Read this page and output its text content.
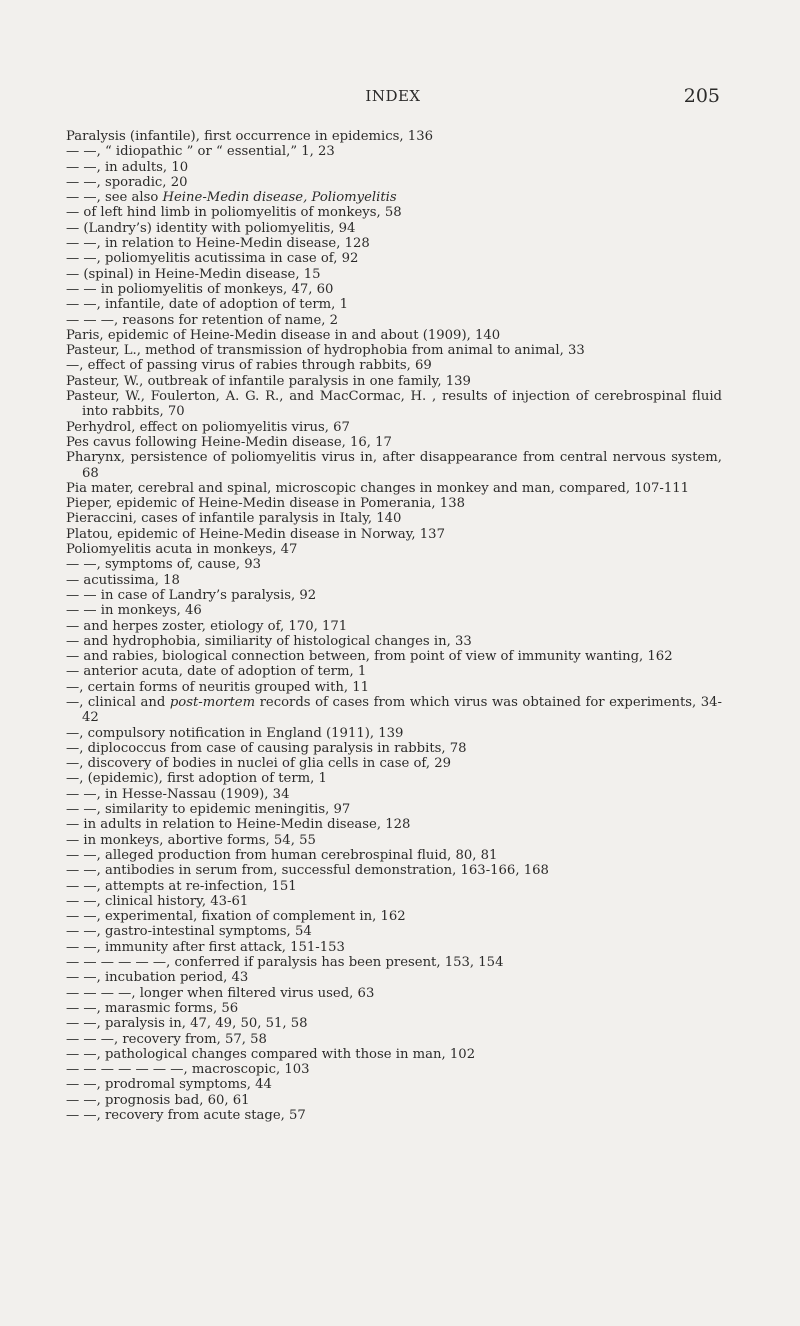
INDEX	205
Paralysis (infantile), first occurrence in epidemics, 136
— —, “ idiopathic ” or “ essential,” 1, 23
— —, in adults, 10
— —, sporadic, 20
— —, see also Heine-Medin disease, Poliomyelitis
— of left hind limb in poliomyelitis of monkeys, 58
— (Landry’s) identity with poliomyelitis, 94
— —, in relation to Heine-Medin disease, 128
— —, poliomyelitis acutissima in case of, 92
— (spinal) in Heine-Medin disease, 15
— — in poliomyelitis of monkeys, 47, 60
— —, infantile, date of adoption of term, 1
— — —, reasons for retention of name, 2
Paris, epidemic of Heine-Medin disease in and about (1909), 140
Pasteur, L., method of transmission of hydrophobia from animal to animal, 33
—, effect of passing virus of rabies through rabbits, 69
Pasteur, W., outbreak of infantile paralysis in one family, 139
Pasteur, W., Foulerton, A. G. R., and MacCormac, H. , results of injection of cerebrospinal fluid into rabbits, 70
Perhydrol, effect on poliomyelitis virus, 67
Pes cavus following Heine-Medin disease, 16, 17
Pharynx, persistence of poliomyelitis virus in, after disappearance from central nervous system, 68
Pia mater, cerebral and spinal, microscopic changes in monkey and man, compared, 107-111
Pieper, epidemic of Heine-Medin disease in Pomerania, 138
Pieraccini, cases of infantile paralysis in Italy, 140
Platou, epidemic of Heine-Medin disease in Norway, 137
Poliomyelitis acuta in monkeys, 47
— —, symptoms of, cause, 93
— acutissima, 18
— — in case of Landry’s paralysis, 92
— — in monkeys, 46
— and herpes zoster, etiology of, 170, 171
— and hydrophobia, similiarity of histological changes in, 33
— and rabies, biological connection between, from point of view of immunity wanting, 162
— anterior acuta, date of adoption of term, 1
—, certain forms of neuritis grouped with, 11
—, clinical and post-mortem records of cases from which virus was obtained for experiments, 34-42
—, compulsory notification in England (1911), 139
—, diplococcus from case of causing paralysis in rabbits, 78
—, discovery of bodies in nuclei of glia cells in case of, 29
—, (epidemic), first adoption of term, 1
— —, in Hesse-Nassau (1909), 34
— —, similarity to epidemic meningitis, 97
— in adults in relation to Heine-Medin disease, 128
— in monkeys, abortive forms, 54, 55
— —, alleged production from human cerebrospinal fluid, 80, 81
— —, antibodies in serum from, successful demonstration, 163-166, 168
— —, attempts at re-infection, 151
— —, clinical history, 43-61
— —, experimental, fixation of complement in, 162
— —, gastro-intestinal symptoms, 54
— —, immunity after first attack, 151-153
— — — — — —, conferred if paralysis has been present, 153, 154
— —, incubation period, 43
— — — —, longer when filtered virus used, 63
— —, marasmic forms, 56
— —, paralysis in, 47, 49, 50, 51, 58
— — —, recovery from, 57, 58
— —, pathological changes compared with those in man, 102
— — — — — — —, macroscopic, 103
— —, prodromal symptoms, 44
— —, prognosis bad, 60, 61
— —, recovery from acute stage, 57
